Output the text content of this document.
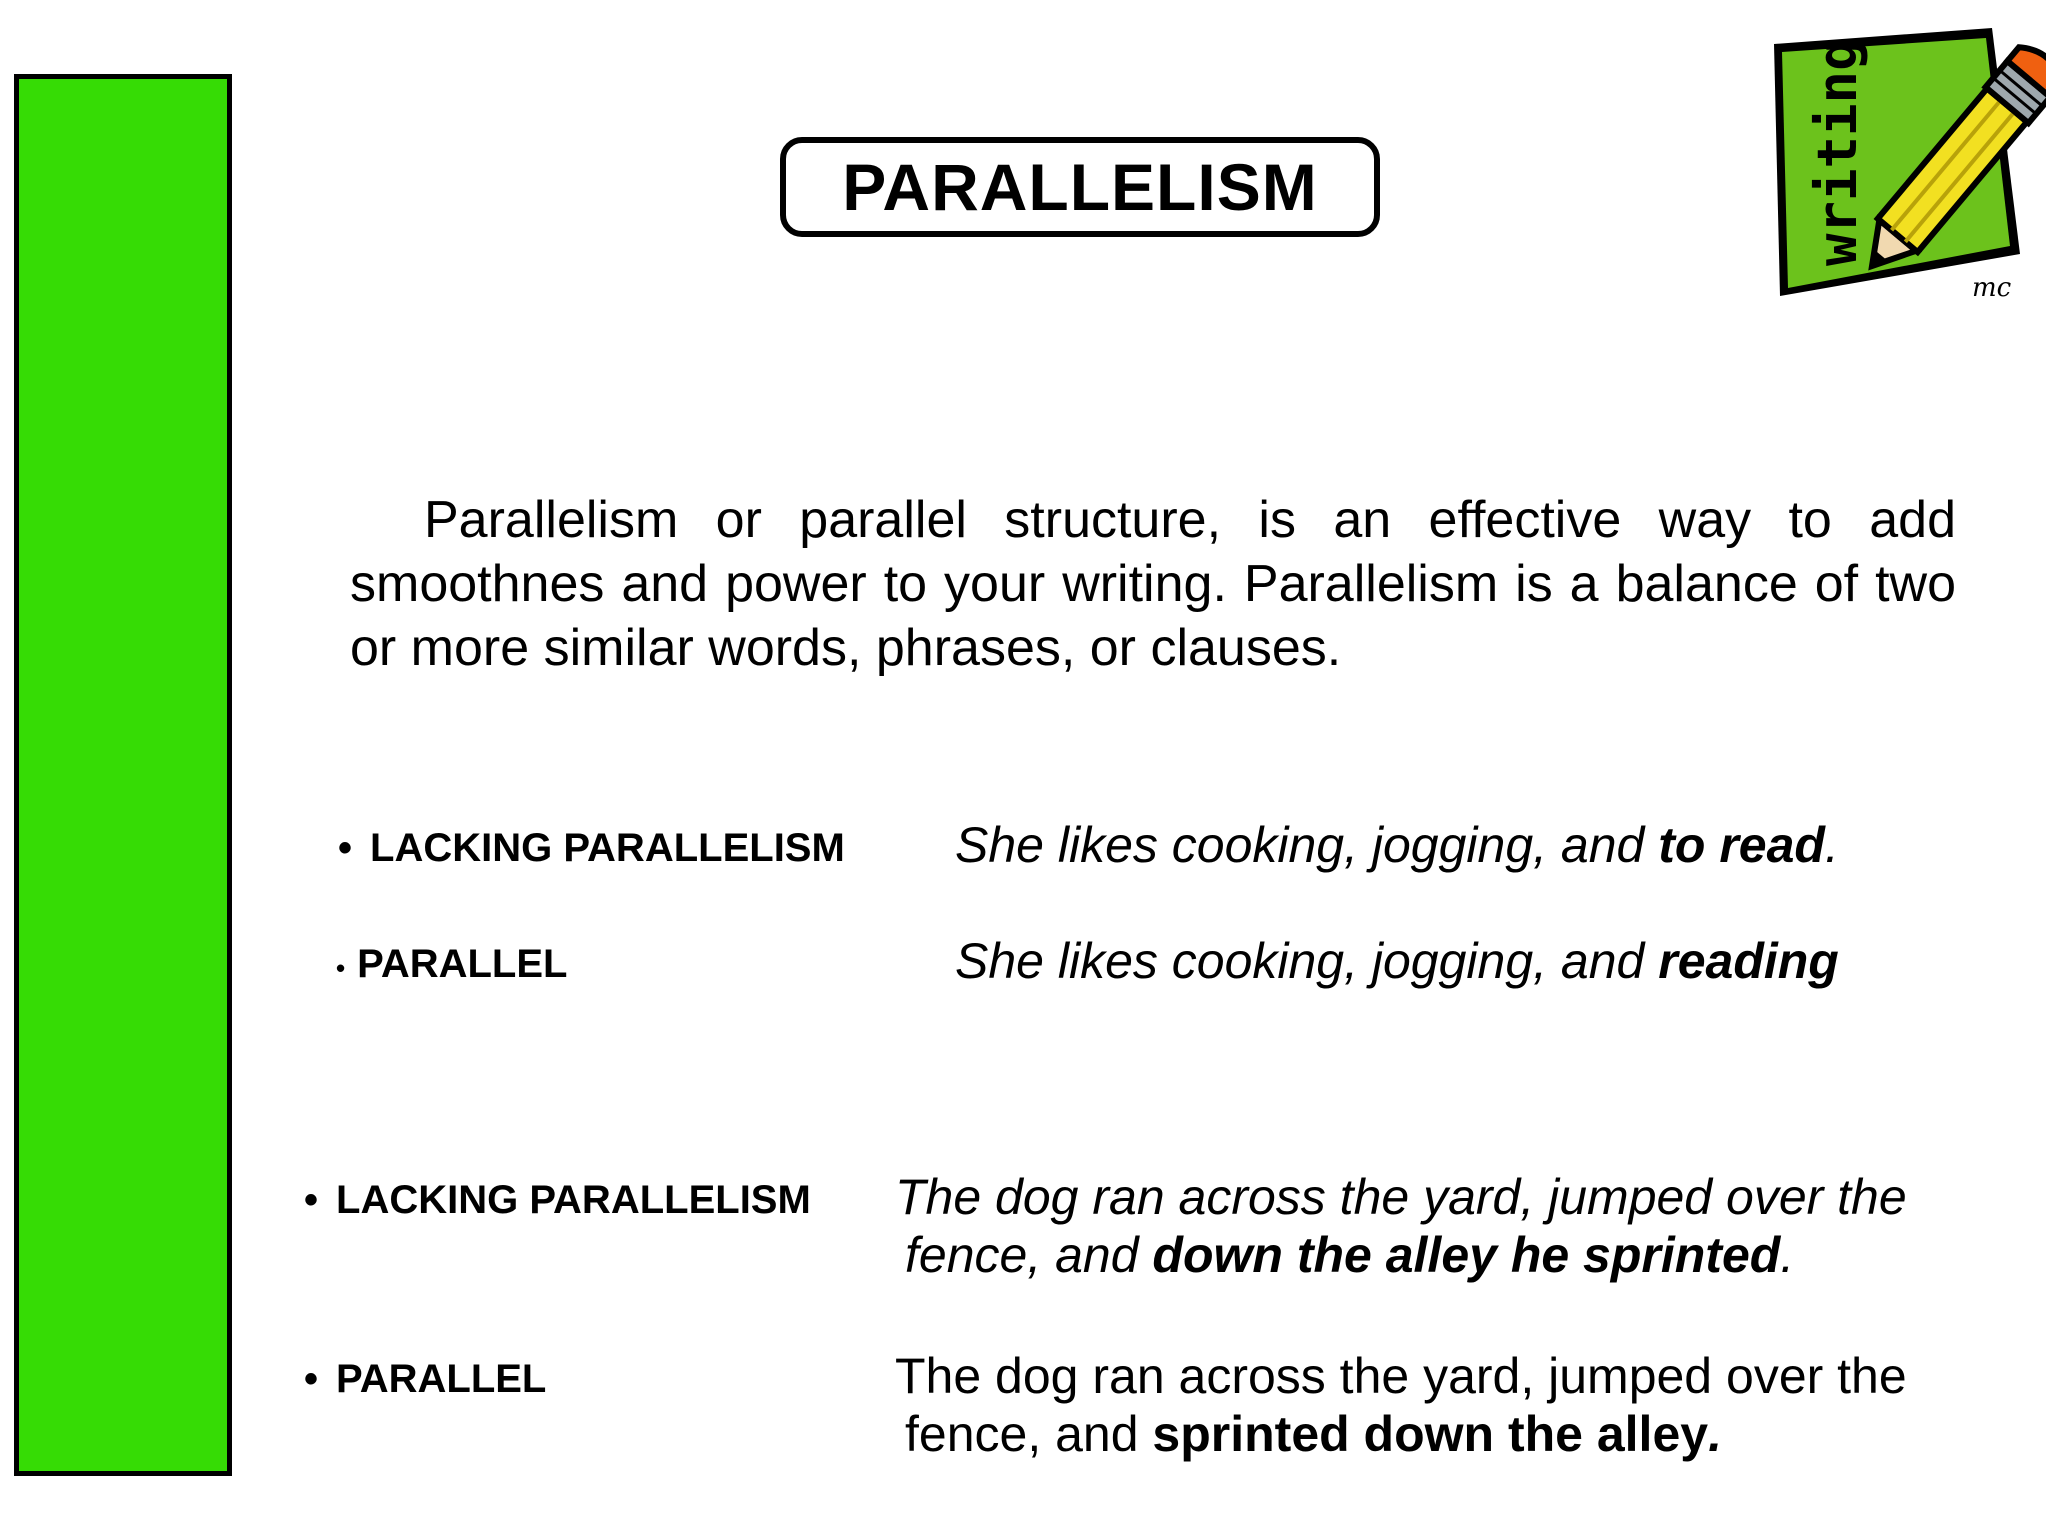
PARALLELISM	writing
mc

Parallelism or parallel structure, is an effective way to add smoothnes and power to your writing. Parallelism is a balance of two or more similar words, phrases, or clauses.

• LACKING PARALLELISM She likes cooking, jogging, and to read.
• PARALLEL	She likes cooking, jogging, and reading
• LACKING PARALLELISM The dog ran across the yard, jumped over the
fence, and down the alley he sprinted.
• PARALLEL	The dog ran across the yard, jumped over the
fence, and sprinted down the alley.
